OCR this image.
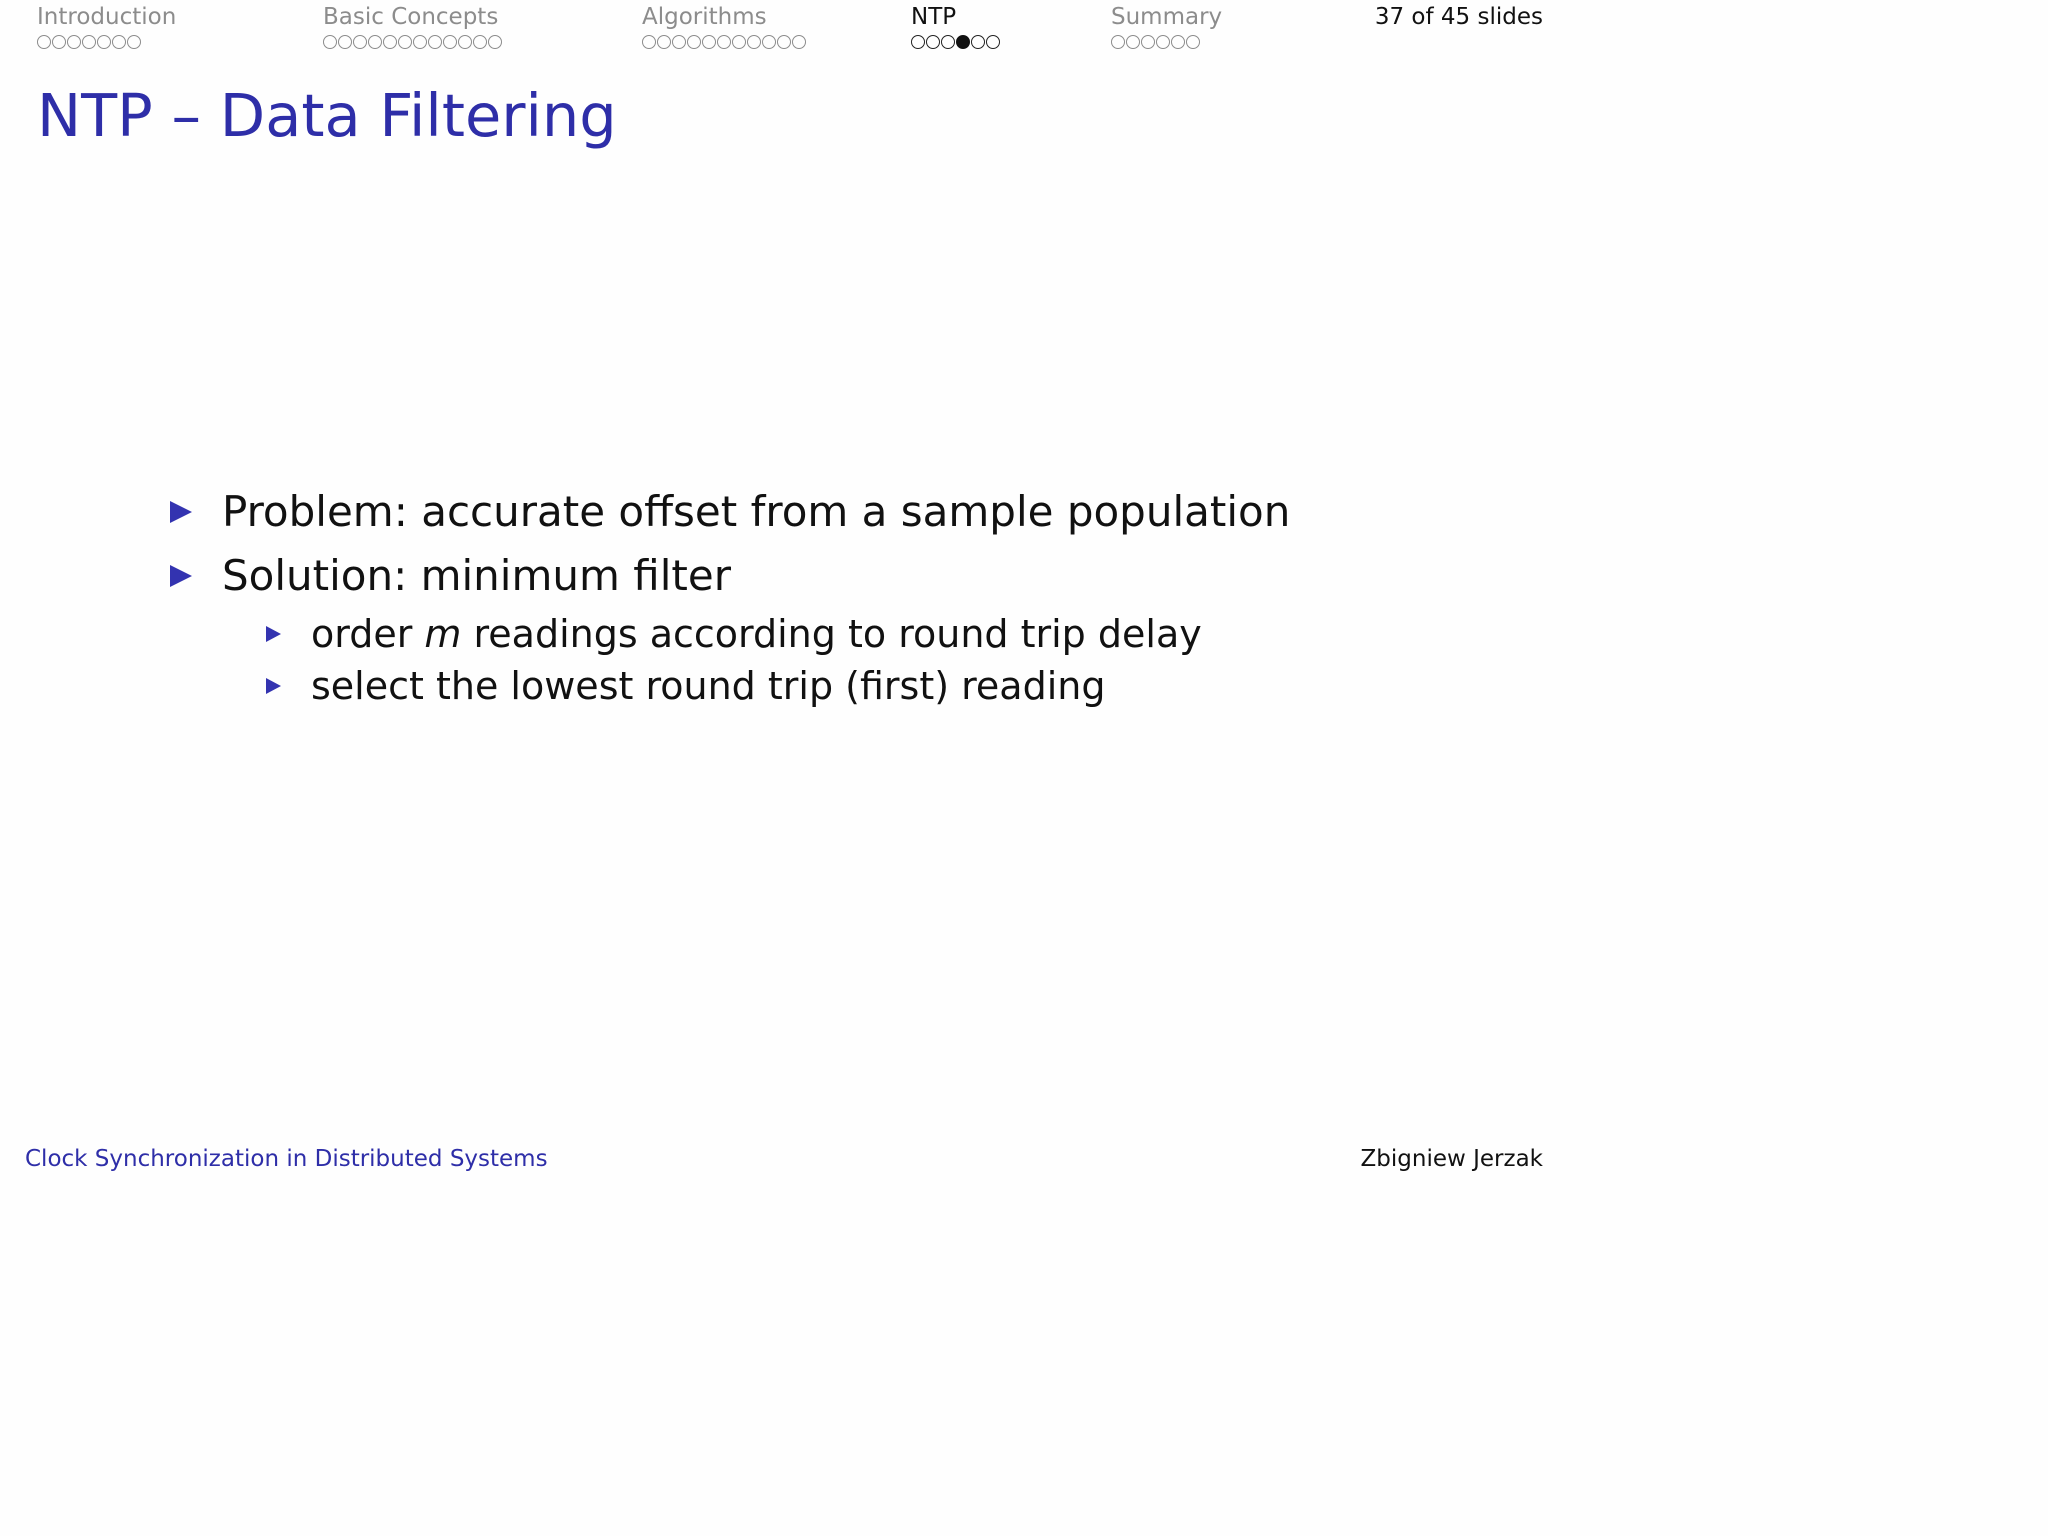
Introduction	Basic Concepts	Algorithms	NTP	Summary	37 of 45 slides
NTP – Data Filtering
Problem: accurate offset from a sample population
Solution: minimum filter
order m readings according to round trip delay
select the lowest round trip (first) reading
Clock Synchronization in Distributed Systems	Zbigniew Jerzak
